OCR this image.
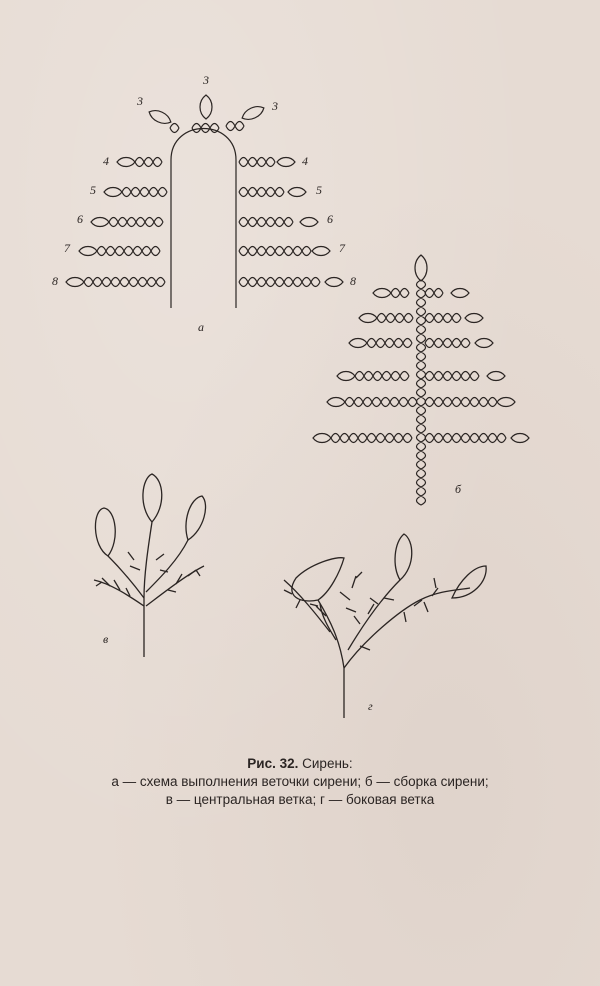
3
3	3
4
5
6
7
8
4
5
6
7
8
а
б
в
г
Рис. 32. Сирень:
а — схема выполнения веточки сирени; б — сборка сирени;
в — центральная ветка; г — боковая ветка
